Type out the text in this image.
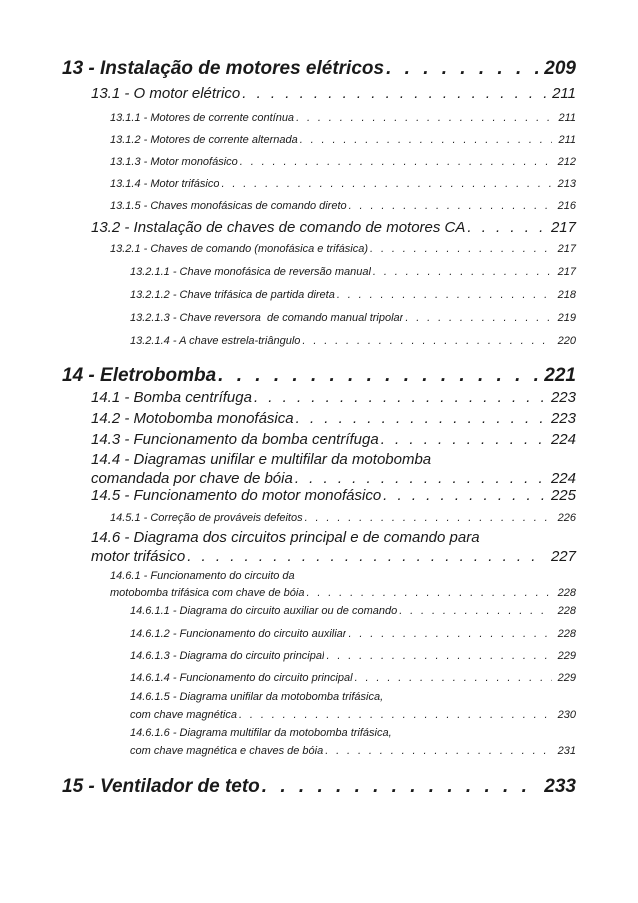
13 - Instalação de motores elétricos . . .	209
13.1 - O motor elétrico . . .	211
13.1.1 - Motores de corrente contínua . . .	211
13.1.2 - Motores de corrente alternada . . .	211
13.1.3 - Motor monofásico . . .	212
13.1.4 - Motor trifásico . . .	213
13.1.5 - Chaves monofásicas de comando direto . . .	216
13.2 - Instalação de chaves de comando de motores CA . . .	217
13.2.1 - Chaves de comando (monofásica e trifásica) . . .	217
13.2.1.1 - Chave monofásica de reversão manual . . .	217
13.2.1.2 - Chave trifásica de partida direta . . .	218
13.2.1.3 - Chave reversora  de comando manual tripolar . . .	219
13.2.1.4 - A chave estrela-triângulo . . .	220
14 - Eletrobomba . . .	221
14.1 - Bomba centrífuga . . .	223
14.2 - Motobomba monofásica . . .	223
14.3 - Funcionamento da bomba centrífuga . . .	224
14.4 - Diagramas unifilar e multifilar da motobomba
comandada por chave de bóia . . .	224
14.5 - Funcionamento do motor monofásico . . .	225
14.5.1 - Correção de prováveis defeitos . . .	226
14.6 - Diagrama dos circuitos principal e de comando para
motor trifásico . . .	227
14.6.1 - Funcionamento do circuito da
motobomba trifásica com chave de bóia . . .	228
14.6.1.1 - Diagrama do circuito auxiliar ou de comando . . .	228
14.6.1.2 - Funcionamento do circuito auxiliar . . .	228
14.6.1.3 - Diagrama do circuito principal . . .	229
14.6.1.4 - Funcionamento do circuito principal . . .	229
14.6.1.5 - Diagrama unifilar da motobomba trifásica,
com chave magnética . . .	230
14.6.1.6 - Diagrama multifilar da motobomba trifásica,
com chave magnética e chaves de bóia . . .	231
15 - Ventilador de teto . . .	233
